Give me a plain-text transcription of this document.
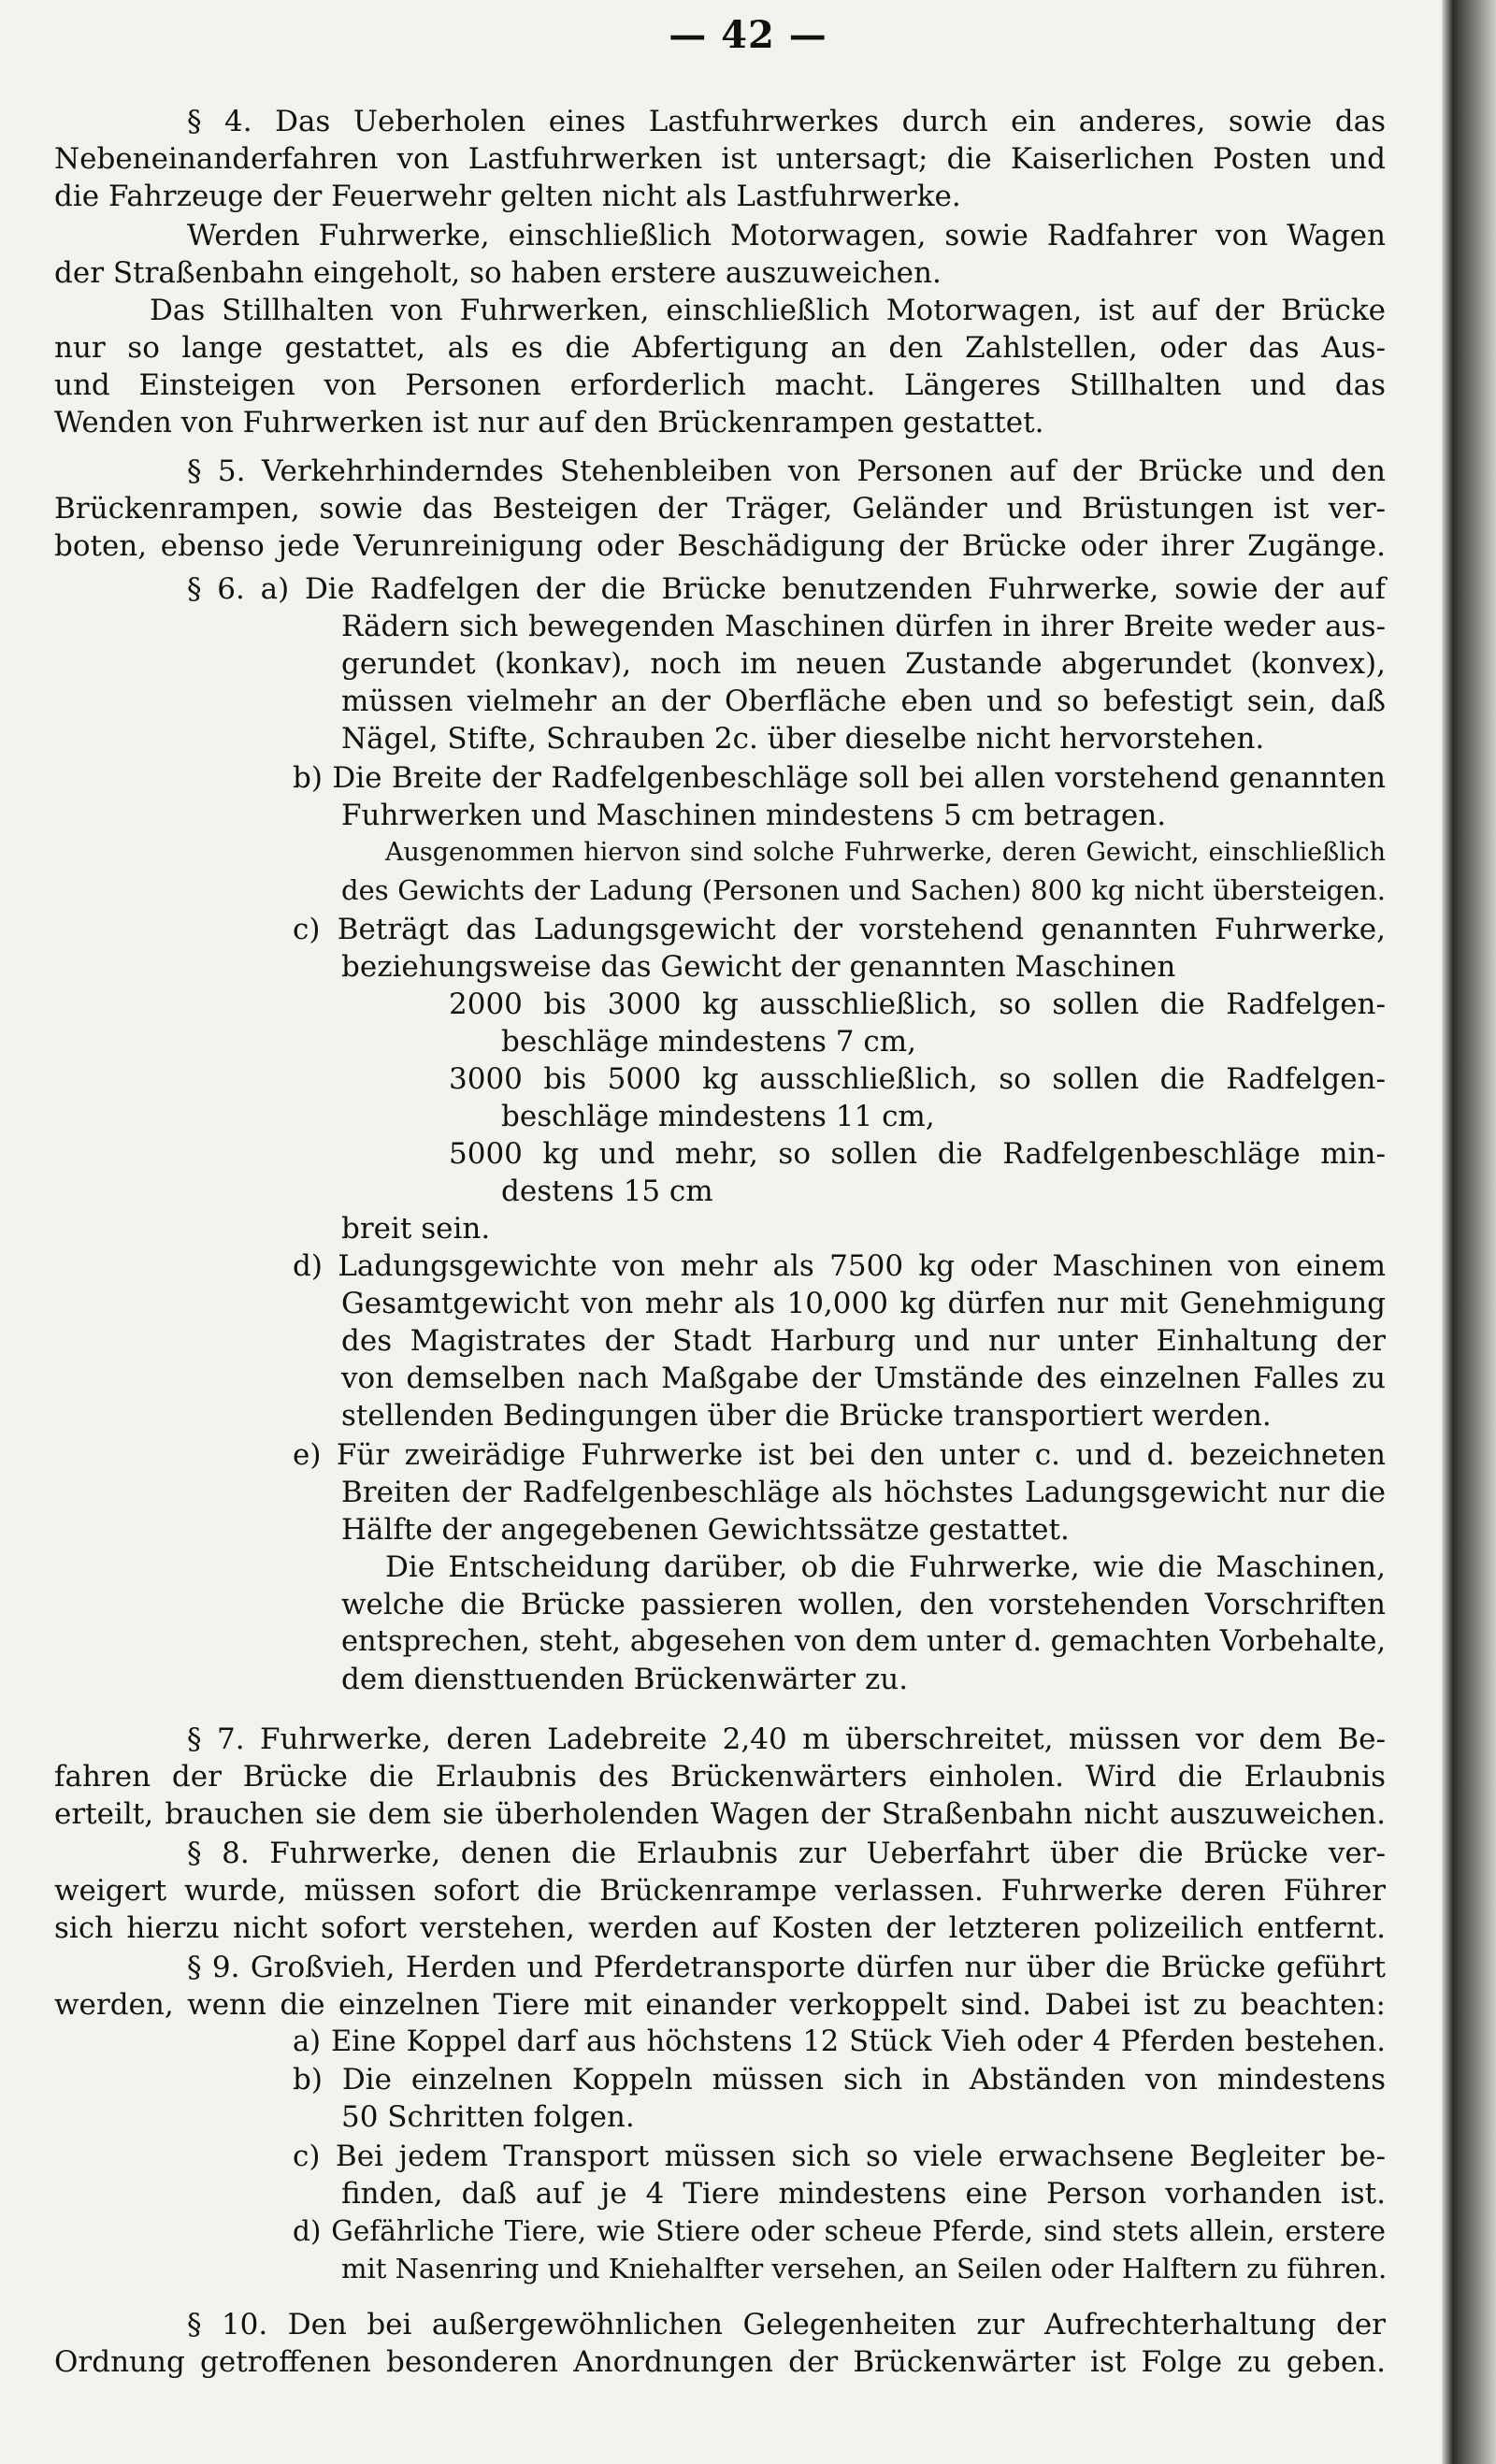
— 42 —

§ 4. Das Ueberholen eines Lastfuhrwerkes durch ein anderes, sowie das

Nebeneinanderfahren von Lastfuhrwerken ist untersagt; die Kaiserlichen Posten und

die Fahrzeuge der Feuerwehr gelten nicht als Lastfuhrwerke.

Werden Fuhrwerke, einschließlich Motorwagen, sowie Radfahrer von Wagen

der Straßenbahn eingeholt, so haben erstere auszuweichen.

Das Stillhalten von Fuhrwerken, einschließlich Motorwagen, ist auf der Brücke

nur so lange gestattet, als es die Abfertigung an den Zahlstellen, oder das Aus-

und Einsteigen von Personen erforderlich macht. Längeres Stillhalten und das

Wenden von Fuhrwerken ist nur auf den Brückenrampen gestattet.

§ 5. Verkehrhinderndes Stehenbleiben von Personen auf der Brücke und den

Brückenrampen, sowie das Besteigen der Träger, Geländer und Brüstungen ist ver-

boten, ebenso jede Verunreinigung oder Beschädigung der Brücke oder ihrer Zugänge.

§ 6. a) Die Radfelgen der die Brücke benutzenden Fuhrwerke, sowie der auf

Rädern sich bewegenden Maschinen dürfen in ihrer Breite weder aus-

gerundet (konkav), noch im neuen Zustande abgerundet (konvex),

müssen vielmehr an der Oberfläche eben und so befestigt sein, daß

Nägel, Stifte, Schrauben 2c. über dieselbe nicht hervorstehen.

b) Die Breite der Radfelgenbeschläge soll bei allen vorstehend genannten

Fuhrwerken und Maschinen mindestens 5 cm betragen.

Ausgenommen hiervon sind solche Fuhrwerke, deren Gewicht, einschließlich

des Gewichts der Ladung (Personen und Sachen) 800 kg nicht übersteigen.

c) Beträgt das Ladungsgewicht der vorstehend genannten Fuhrwerke,

beziehungsweise das Gewicht der genannten Maschinen

2000 bis 3000 kg ausschließlich, so sollen die Radfelgen-

beschläge mindestens 7 cm,

3000 bis 5000 kg ausschließlich, so sollen die Radfelgen-

beschläge mindestens 11 cm,

5000 kg und mehr, so sollen die Radfelgenbeschläge min-

destens 15 cm

breit sein.

d) Ladungsgewichte von mehr als 7500 kg oder Maschinen von einem

Gesamtgewicht von mehr als 10,000 kg dürfen nur mit Genehmigung

des Magistrates der Stadt Harburg und nur unter Einhaltung der

von demselben nach Maßgabe der Umstände des einzelnen Falles zu

stellenden Bedingungen über die Brücke transportiert werden.

e) Für zweirädige Fuhrwerke ist bei den unter c. und d. bezeichneten

Breiten der Radfelgenbeschläge als höchstes Ladungsgewicht nur die

Hälfte der angegebenen Gewichtssätze gestattet.

Die Entscheidung darüber, ob die Fuhrwerke, wie die Maschinen,

welche die Brücke passieren wollen, den vorstehenden Vorschriften

entsprechen, steht, abgesehen von dem unter d. gemachten Vorbehalte,

dem diensttuenden Brückenwärter zu.

§ 7. Fuhrwerke, deren Ladebreite 2,40 m überschreitet, müssen vor dem Be-

fahren der Brücke die Erlaubnis des Brückenwärters einholen. Wird die Erlaubnis

erteilt, brauchen sie dem sie überholenden Wagen der Straßenbahn nicht auszuweichen.

§ 8. Fuhrwerke, denen die Erlaubnis zur Ueberfahrt über die Brücke ver-

weigert wurde, müssen sofort die Brückenrampe verlassen. Fuhrwerke deren Führer

sich hierzu nicht sofort verstehen, werden auf Kosten der letzteren polizeilich entfernt.

§ 9. Großvieh, Herden und Pferdetransporte dürfen nur über die Brücke geführt

werden, wenn die einzelnen Tiere mit einander verkoppelt sind. Dabei ist zu beachten:

a) Eine Koppel darf aus höchstens 12 Stück Vieh oder 4 Pferden bestehen.

b) Die einzelnen Koppeln müssen sich in Abständen von mindestens

50 Schritten folgen.

c) Bei jedem Transport müssen sich so viele erwachsene Begleiter be-

finden, daß auf je 4 Tiere mindestens eine Person vorhanden ist.

d) Gefährliche Tiere, wie Stiere oder scheue Pferde, sind stets allein, erstere

mit Nasenring und Kniehalfter versehen, an Seilen oder Halftern zu führen.

§ 10. Den bei außergewöhnlichen Gelegenheiten zur Aufrechterhaltung der

Ordnung getroffenen besonderen Anordnungen der Brückenwärter ist Folge zu geben.
